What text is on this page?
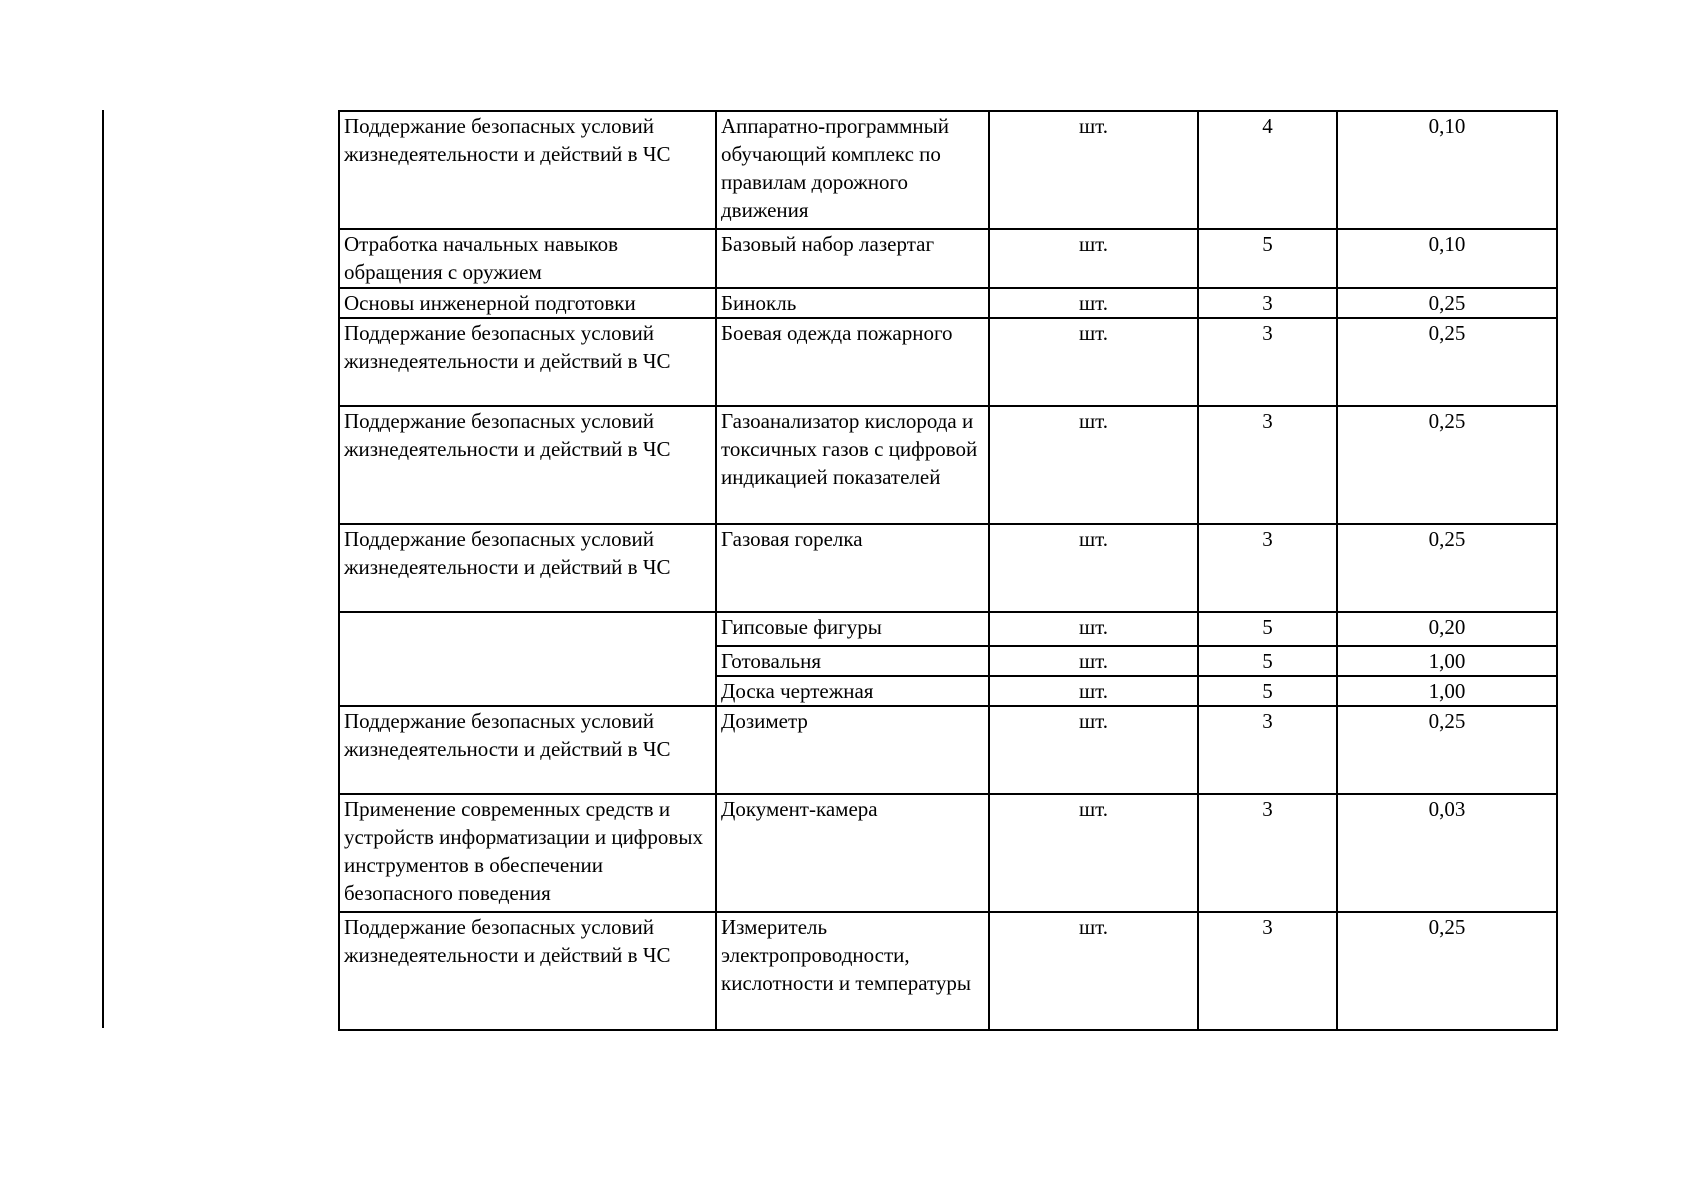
Поддержание безопасных условий жизнедеятельности и действий в ЧС	Аппаратно-программный обучающий комплекс по правилам дорожного движения	шт.	4	0,10

Отработка начальных навыков обращения с оружием	Базовый набор лазертаг	шт.	5	0,10

Основы инженерной подготовки	Бинокль	шт.	3	0,25

Поддержание безопасных условий жизнедеятельности и действий в ЧС	Боевая одежда пожарного	шт.	3	0,25

Поддержание безопасных условий жизнедеятельности и действий в ЧС	Газоанализатор кислорода и токсичных газов с цифровой индикацией показателей	шт.	3	0,25

Поддержание безопасных условий жизнедеятельности и действий в ЧС	Газовая горелка	шт.	3	0,25

	Гипсовые фигуры	шт.	5	0,20

	Готовальня	шт.	5	1,00

	Доска чертежная	шт.	5	1,00

Поддержание безопасных условий жизнедеятельности и действий в ЧС	Дозиметр	шт.	3	0,25

Применение современных средств и устройств информатизации и цифровых инструментов в обеспечении безопасного поведения	Документ-камера	шт.	3	0,03

Поддержание безопасных условий жизнедеятельности и действий в ЧС	Измеритель электропроводности, кислотности и температуры	шт.	3	0,25
